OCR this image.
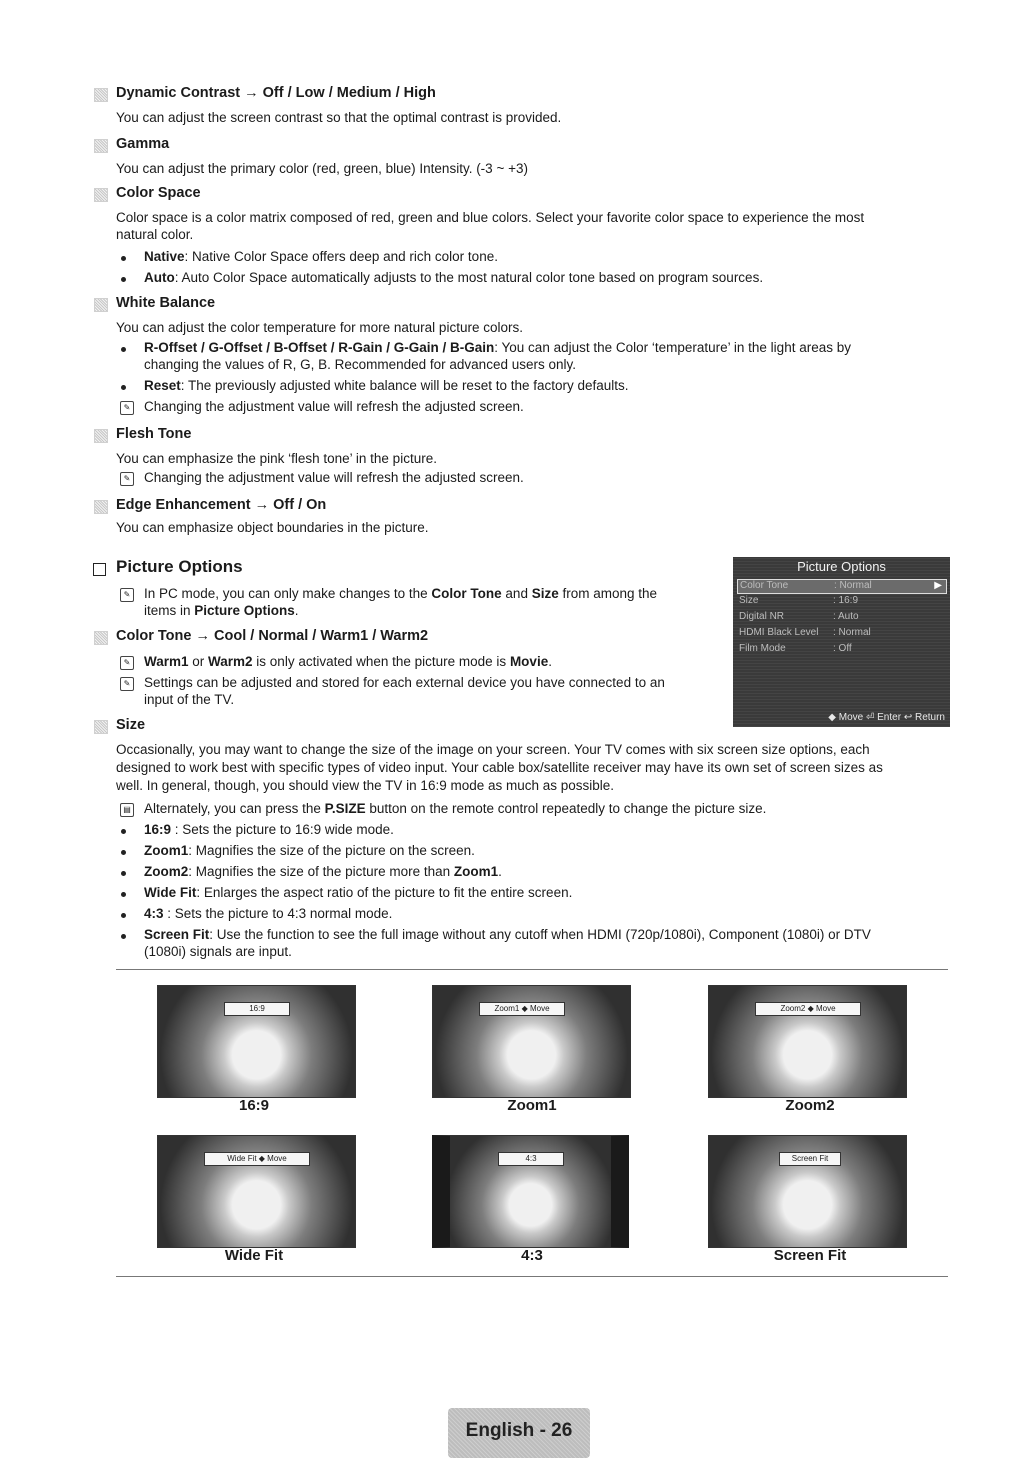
Dynamic Contrast → Off / Low / Medium / High
You can adjust the screen contrast so that the optimal contrast is provided.
Gamma
You can adjust the primary color (red, green, blue) Intensity. (-3 ~ +3)
Color Space
Color space is a color matrix composed of red, green and blue colors. Select your favorite color space to experience the most
natural color.
Native: Native Color Space offers deep and rich color tone.
Auto: Auto Color Space automatically adjusts to the most natural color tone based on program sources.
White Balance
You can adjust the color temperature for more natural picture colors.
R-Offset / G-Offset / B-Offset / R-Gain / G-Gain / B-Gain: You can adjust the Color ‘temperature’ in the light areas by
changing the values of R, G, B. Recommended for advanced users only.
Reset: The previously adjusted white balance will be reset to the factory defaults.
✎ Changing the adjustment value will refresh the adjusted screen.
Flesh Tone
You can emphasize the pink ‘flesh tone’ in the picture.
✎ Changing the adjustment value will refresh the adjusted screen.
Edge Enhancement → Off / On
You can emphasize object boundaries in the picture.
Picture Options
✎ In PC mode, you can only make changes to the Color Tone and Size from among the
items in Picture Options.
Color Tone → Cool / Normal / Warm1 / Warm2
✎ Warm1 or Warm2 is only activated when the picture mode is Movie.
✎ Settings can be adjusted and stored for each external device you have connected to an
input of the TV.
Picture Options
Color Tone	: Normal	▶
Size	: 16:9
Digital NR	: Auto
HDMI Black Level : Normal
Film Mode	: Off
◆ Move ⏎ Enter ↩ Return
Size
Occasionally, you may want to change the size of the image on your screen. Your TV comes with six screen size options, each
designed to work best with specific types of video input. Your cable box/satellite receiver may have its own set of screen sizes as
well. In general, though, you should view the TV in 16:9 mode as much as possible.
▤ Alternately, you can press the P.SIZE button on the remote control repeatedly to change the picture size.
16:9 : Sets the picture to 16:9 wide mode.
Zoom1: Magnifies the size of the picture on the screen.
Zoom2: Magnifies the size of the picture more than Zoom1.
Wide Fit: Enlarges the aspect ratio of the picture to fit the entire screen.
4:3 : Sets the picture to 4:3 normal mode.
Screen Fit: Use the function to see the full image without any cutoff when HDMI (720p/1080i), Component (1080i) or DTV
(1080i) signals are input.
16:9
16:9
Zoom1 ◆ Move
Zoom1
Zoom2 ◆ Move
Zoom2
Wide Fit ◆ Move
Wide Fit
4:3
4:3
Screen Fit
Screen Fit
English - 26
